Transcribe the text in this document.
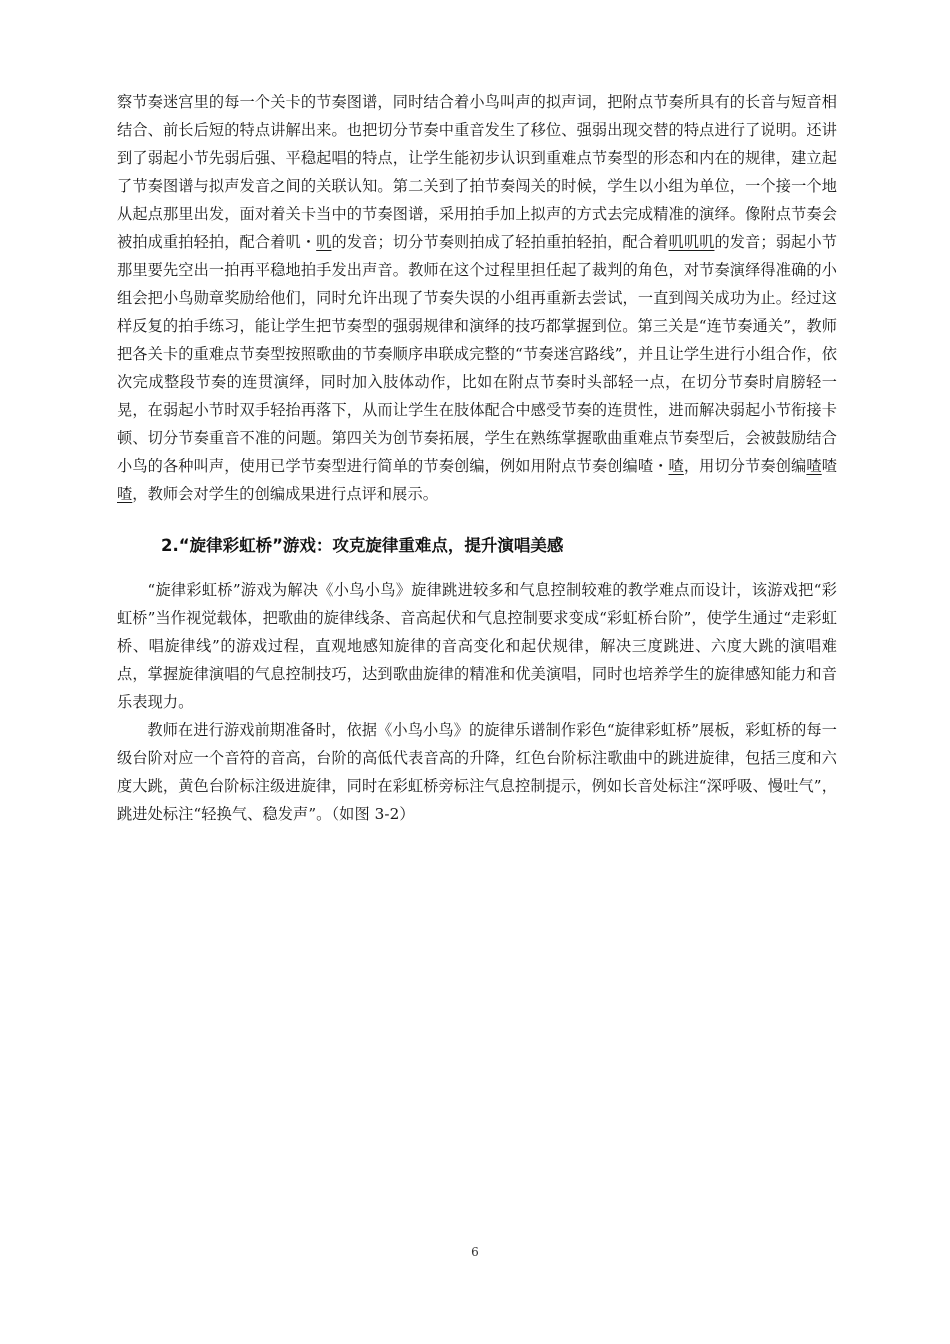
察节奏迷宫里的每一个关卡的节奏图谱，同时结合着小鸟叫声的拟声词，把附点节奏所具有的长音与短音相结合、前长后短的特点讲解出来。也把切分节奏中重音发生了移位、强弱出现交替的特点进行了说明。还讲到了弱起小节先弱后强、平稳起唱的特点，让学生能初步认识到重难点节奏型的形态和内在的规律，建立起了节奏图谱与拟声发音之间的关联认知。第二关到了拍节奏闯关的时候，学生以小组为单位，一个接一个地从起点那里出发，面对着关卡当中的节奏图谱，采用拍手加上拟声的方式去完成精准的演绎。像附点节奏会被拍成重拍轻拍，配合着叽・叽的发音；切分节奏则拍成了轻拍重拍轻拍，配合着叽叽叽的发音；弱起小节那里要先空出一拍再平稳地拍手发出声音。教师在这个过程里担任起了裁判的角色，对节奏演绎得准确的小组会把小鸟勋章奖励给他们，同时允许出现了节奏失误的小组再重新去尝试，一直到闯关成功为止。经过这样反复的拍手练习，能让学生把节奏型的强弱规律和演绎的技巧都掌握到位。第三关是“连节奏通关”，教师把各关卡的重难点节奏型按照歌曲的节奏顺序串联成完整的“节奏迷宫路线”，并且让学生进行小组合作，依次完成整段节奏的连贯演绎，同时加入肢体动作，比如在附点节奏时头部轻一点，在切分节奏时肩膀轻一晃，在弱起小节时双手轻抬再落下，从而让学生在肢体配合中感受节奏的连贯性，进而解决弱起小节衔接卡顿、切分节奏重音不准的问题。第四关为创节奏拓展，学生在熟练掌握歌曲重难点节奏型后，会被鼓励结合小鸟的各种叫声，使用已学节奏型进行简单的节奏创编，例如用附点节奏创编喳・喳，用切分节奏创编喳喳喳，教师会对学生的创编成果进行点评和展示。

2.“旋律彩虹桥”游戏：攻克旋律重难点，提升演唱美感

“旋律彩虹桥”游戏为解决《小鸟小鸟》旋律跳进较多和气息控制较难的教学难点而设计，该游戏把“彩虹桥”当作视觉载体，把歌曲的旋律线条、音高起伏和气息控制要求变成“彩虹桥台阶”，使学生通过“走彩虹桥、唱旋律线”的游戏过程，直观地感知旋律的音高变化和起伏规律，解决三度跳进、六度大跳的演唱难点，掌握旋律演唱的气息控制技巧，达到歌曲旋律的精准和优美演唱，同时也培养学生的旋律感知能力和音乐表现力。

教师在进行游戏前期准备时，依据《小鸟小鸟》的旋律乐谱制作彩色“旋律彩虹桥”展板，彩虹桥的每一级台阶对应一个音符的音高，台阶的高低代表音高的升降，红色台阶标注歌曲中的跳进旋律，包括三度和六度大跳，黄色台阶标注级进旋律，同时在彩虹桥旁标注气息控制提示，例如长音处标注“深呼吸、慢吐气”，跳进处标注“轻换气、稳发声”。（如图 3-2）

6
